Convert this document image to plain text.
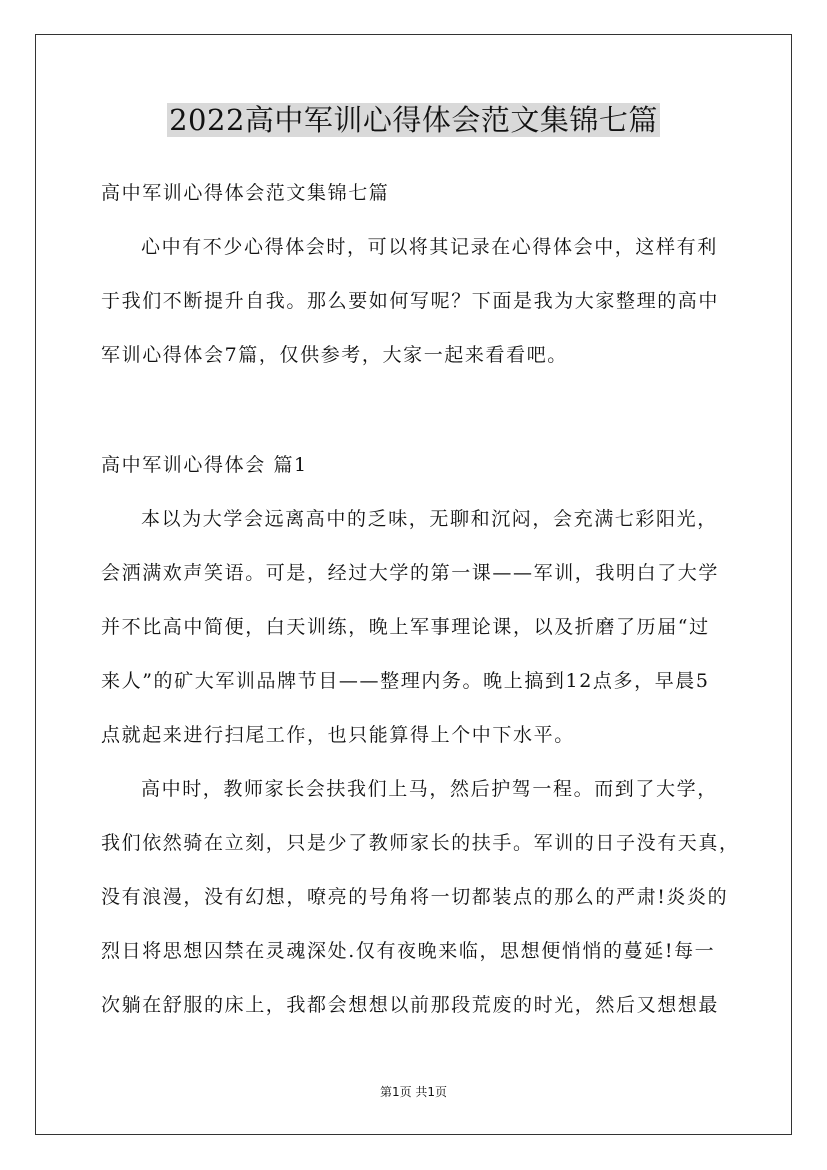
2022高中军训心得体会范文集锦七篇
高中军训心得体会范文集锦七篇
心中有不少心得体会时，可以将其记录在心得体会中，这样有利
于我们不断提升自我。那么要如何写呢？下面是我为大家整理的高中
军训心得体会7篇，仅供参考，大家一起来看看吧。
高中军训心得体会 篇1
本以为大学会远离高中的乏味，无聊和沉闷，会充满七彩阳光，
会洒满欢声笑语。可是，经过大学的第一课——军训，我明白了大学
并不比高中简便，白天训练，晚上军事理论课，以及折磨了历届“过
来人”的矿大军训品牌节目——整理内务。晚上搞到12点多，早晨5
点就起来进行扫尾工作，也只能算得上个中下水平。
高中时，教师家长会扶我们上马，然后护驾一程。而到了大学，
我们依然骑在立刻，只是少了教师家长的扶手。军训的日子没有天真，
没有浪漫，没有幻想，嘹亮的号角将一切都装点的那么的严肃!炎炎的
烈日将思想囚禁在灵魂深处.仅有夜晚来临，思想便悄悄的蔓延!每一
次躺在舒服的床上，我都会想想以前那段荒废的时光，然后又想想最
第1页 共1页
